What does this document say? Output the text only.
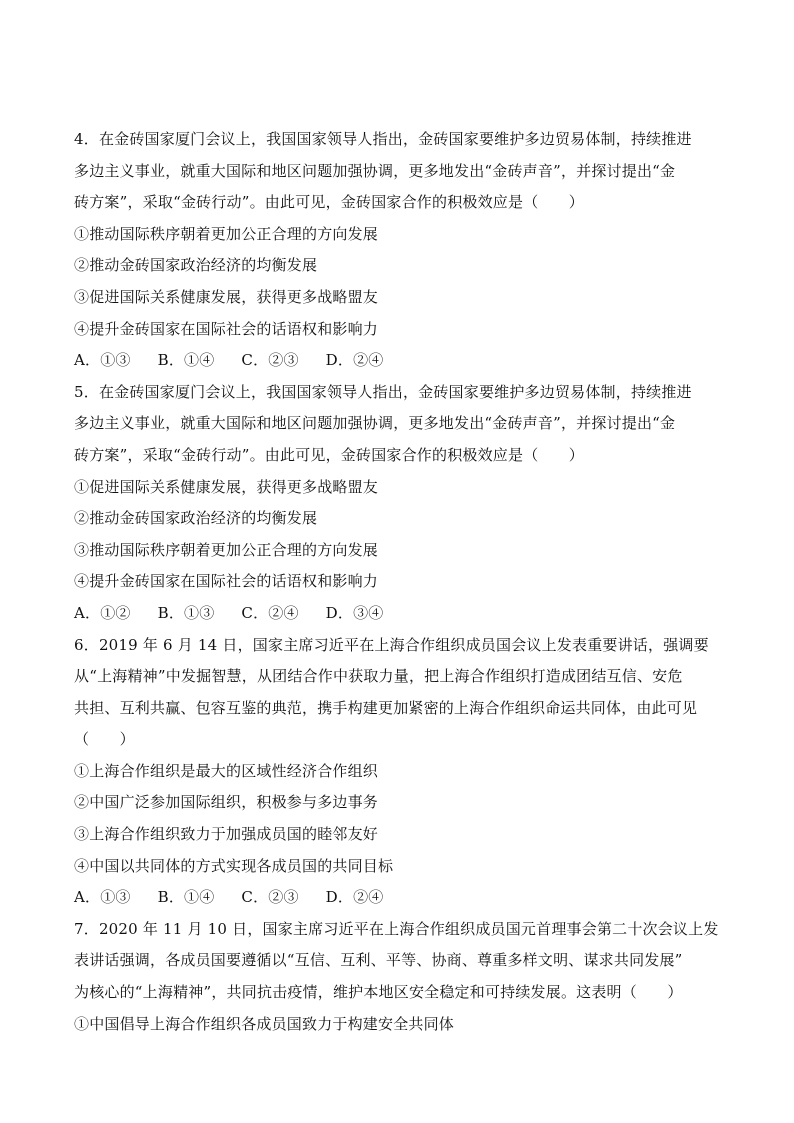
4．在金砖国家厦门会议上，我国国家领导人指出，金砖国家要维护多边贸易体制，持续推进
多边主义事业，就重大国际和地区问题加强协调，更多地发出“金砖声音”，并探讨提出“金
砖方案”，采取“金砖行动”。由此可见，金砖国家合作的积极效应是（　　）
①推动国际秩序朝着更加公正合理的方向发展
②推动金砖国家政治经济的均衡发展
③促进国际关系健康发展，获得更多战略盟友
④提升金砖国家在国际社会的话语权和影响力
A．①③ B．①④ C．②③ D．②④
5．在金砖国家厦门会议上，我国国家领导人指出，金砖国家要维护多边贸易体制，持续推进
多边主义事业，就重大国际和地区问题加强协调，更多地发出“金砖声音”，并探讨提出“金
砖方案”，采取“金砖行动”。由此可见，金砖国家合作的积极效应是（　　）
①促进国际关系健康发展，获得更多战略盟友
②推动金砖国家政治经济的均衡发展
③推动国际秩序朝着更加公正合理的方向发展
④提升金砖国家在国际社会的话语权和影响力
A．①② B．①③ C．②④ D．③④
6．2019 年 6 月 14 日，国家主席习近平在上海合作组织成员国会议上发表重要讲话，强调要
从“上海精神”中发掘智慧，从团结合作中获取力量，把上海合作组织打造成团结互信、安危
共担、互利共赢、包容互鉴的典范，携手构建更加紧密的上海合作组织命运共同体，由此可见
（　　）
①上海合作组织是最大的区域性经济合作组织
②中国广泛参加国际组织，积极参与多边事务
③上海合作组织致力于加强成员国的睦邻友好
④中国以共同体的方式实现各成员国的共同目标
A．①③ B．①④ C．②③ D．②④
7．2020 年 11 月 10 日，国家主席习近平在上海合作组织成员国元首理事会第二十次会议上发
表讲话强调，各成员国要遵循以“互信、互利、平等、协商、尊重多样文明、谋求共同发展”
为核心的“上海精神”，共同抗击疫情，维护本地区安全稳定和可持续发展。这表明（　　）
①中国倡导上海合作组织各成员国致力于构建安全共同体
